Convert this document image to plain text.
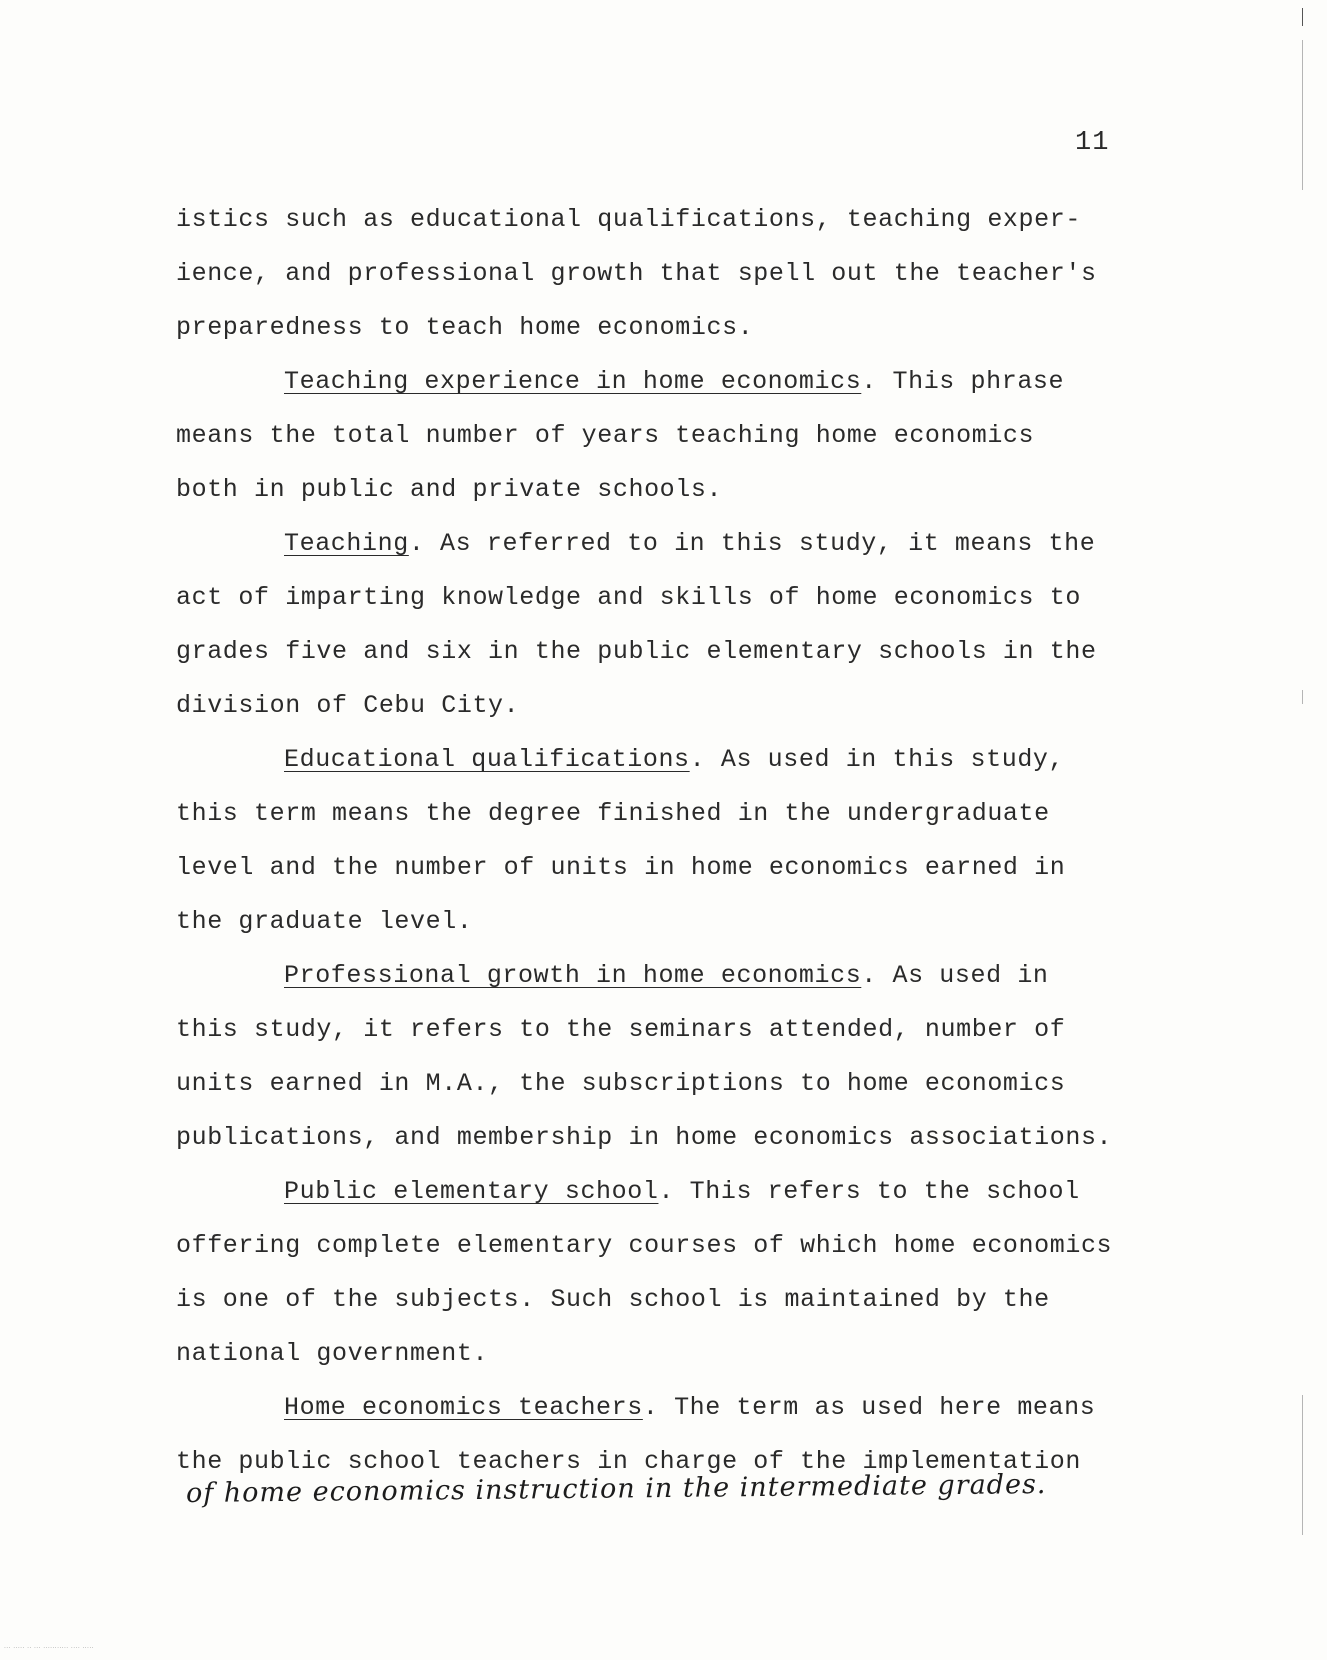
11
istics such as educational qualifications, teaching exper-
ience, and professional growth that spell out the teacher's
preparedness to teach home economics.
Teaching experience in home economics. This phrase
means the total number of years teaching home economics
both in public and private schools.
Teaching. As referred to in this study, it means the
act of imparting knowledge and skills of home economics to
grades five and six in the public elementary schools in the
division of Cebu City.
Educational qualifications. As used in this study,
this term means the degree finished in the undergraduate
level and the number of units in home economics earned in
the graduate level.
Professional growth in home economics. As used in
this study, it refers to the seminars attended, number of
units earned in M.A., the subscriptions to home economics
publications, and membership in home economics associations.
Public elementary school. This refers to the school
offering complete elementary courses of which home economics
is one of the subjects. Such school is maintained by the
national government.
Home economics teachers. The term as used here means
the public school teachers in charge of the implementation
of home economics instruction in the intermediate grades.
··· ····· ·· ··· ··········· ···· ·····
